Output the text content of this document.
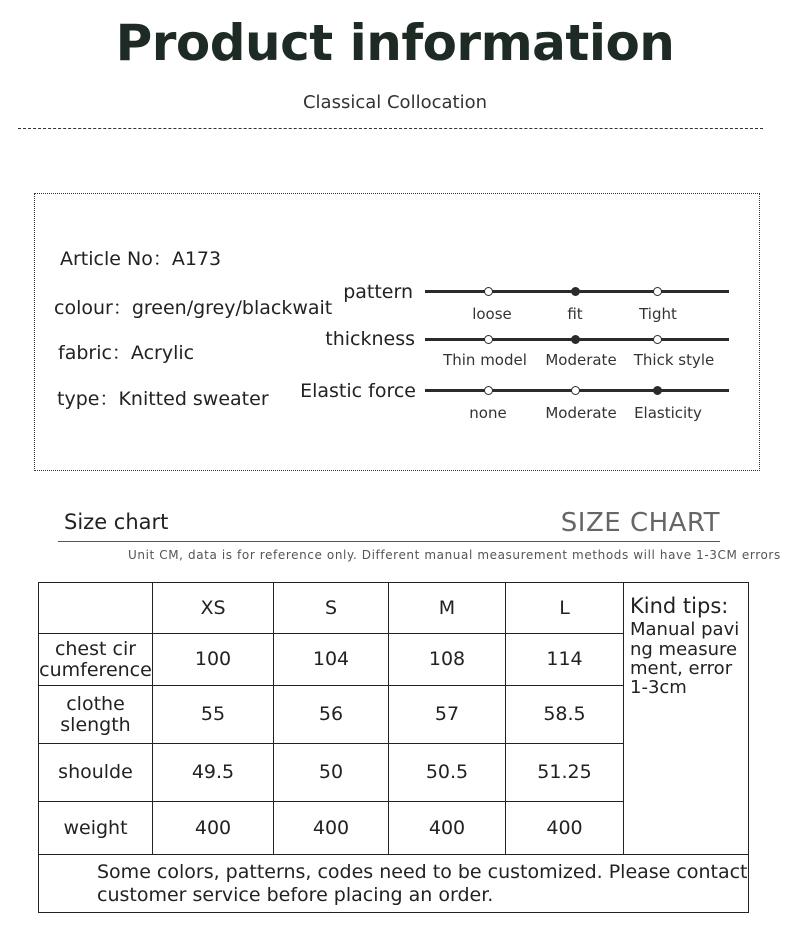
Product information
Classical Collocation
Article No：A173
colour：green/grey/blackwait
fabric：Acrylic
type：Knitted sweater
pattern
loose	fit	Tight
thickness
Thin model	Moderate	Thick style
Elastic force
none	Moderate	Elasticity
Size chart	SIZE CHART
Unit CM, data is for reference only. Different manual measurement methods will have 1-3CM errors
	XS	S	M	L	Kind tips:
Manual paving measurement, error 1-3cm

chest cir cumference	100	104	108	114	
clothe slength	55	56	57	58.5	
shoulde	49.5	50	50.5	51.25	
weight	400	400	400	400	
Some colors, patterns, codes need to be customized. Please contact customer service before placing an order.					
